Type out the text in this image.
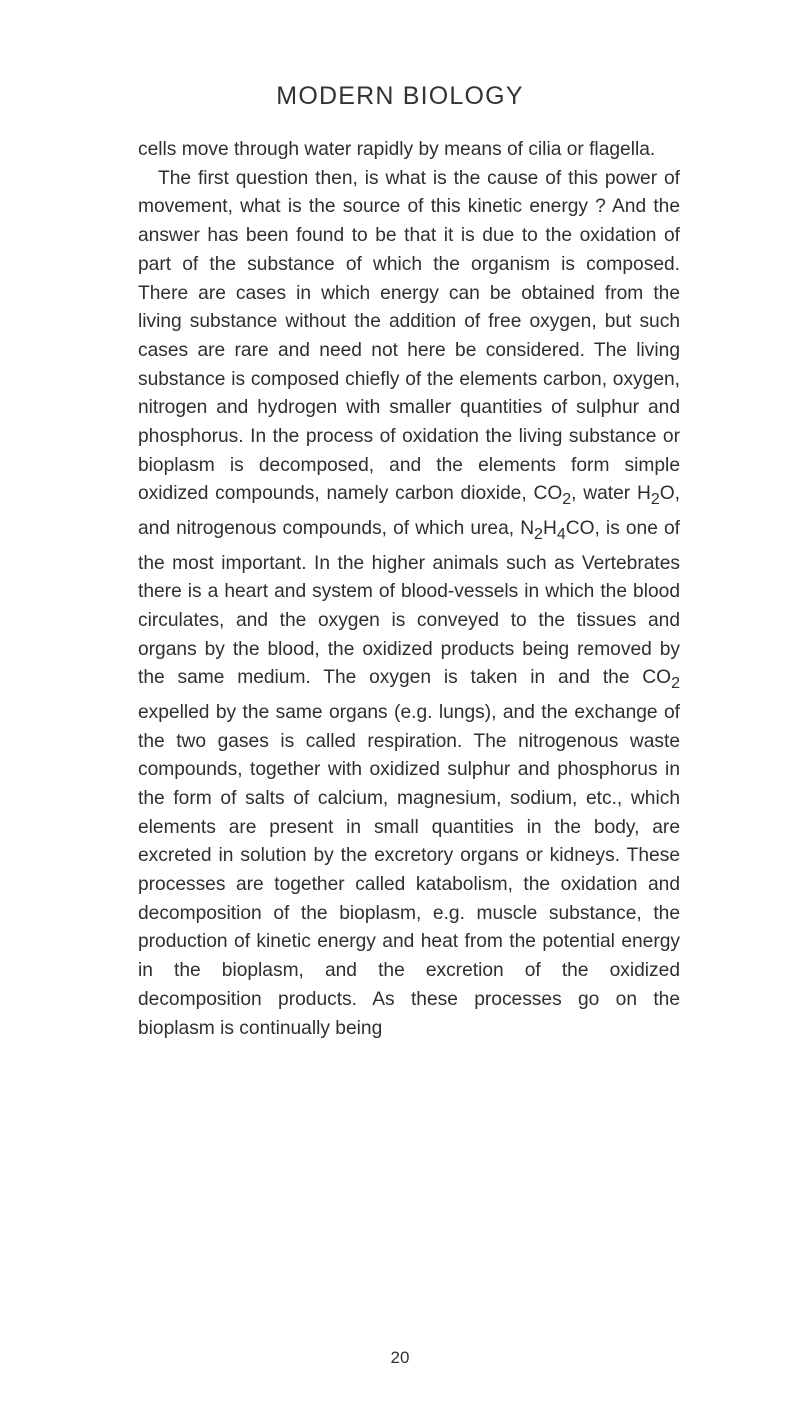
MODERN BIOLOGY

cells move through water rapidly by means of cilia or flagella.

The first question then, is what is the cause of this power of movement, what is the source of this kinetic energy ? And the answer has been found to be that it is due to the oxidation of part of the substance of which the organism is composed. There are cases in which energy can be obtained from the living substance without the addition of free oxygen, but such cases are rare and need not here be considered. The living substance is composed chiefly of the elements carbon, oxygen, nitrogen and hydrogen with smaller quantities of sulphur and phosphorus. In the process of oxidation the living substance or bioplasm is decomposed, and the elements form simple oxidized compounds, namely carbon dioxide, $CO_2$, water $H_2O$, and nitrogenous compounds, of which urea, $N_2H_4CO$, is one of the most important. In the higher animals such as Vertebrates there is a heart and system of blood-vessels in which the blood circulates, and the oxygen is conveyed to the tissues and organs by the blood, the oxidized products being removed by the same medium. The oxygen is taken in and the $CO_2$ expelled by the same organs (e.g. lungs), and the exchange of the two gases is called respiration. The nitrogenous waste compounds, together with oxidized sulphur and phosphorus in the form of salts of calcium, magnesium, sodium, etc., which elements are present in small quantities in the body, are excreted in solution by the excretory organs or kidneys. These processes are together called katabolism, the oxidation and decomposition of the bioplasm, e.g. muscle substance, the production of kinetic energy and heat from the potential energy in the bioplasm, and the excretion of the oxidized decomposition products. As these processes go on the bioplasm is continually being

20
